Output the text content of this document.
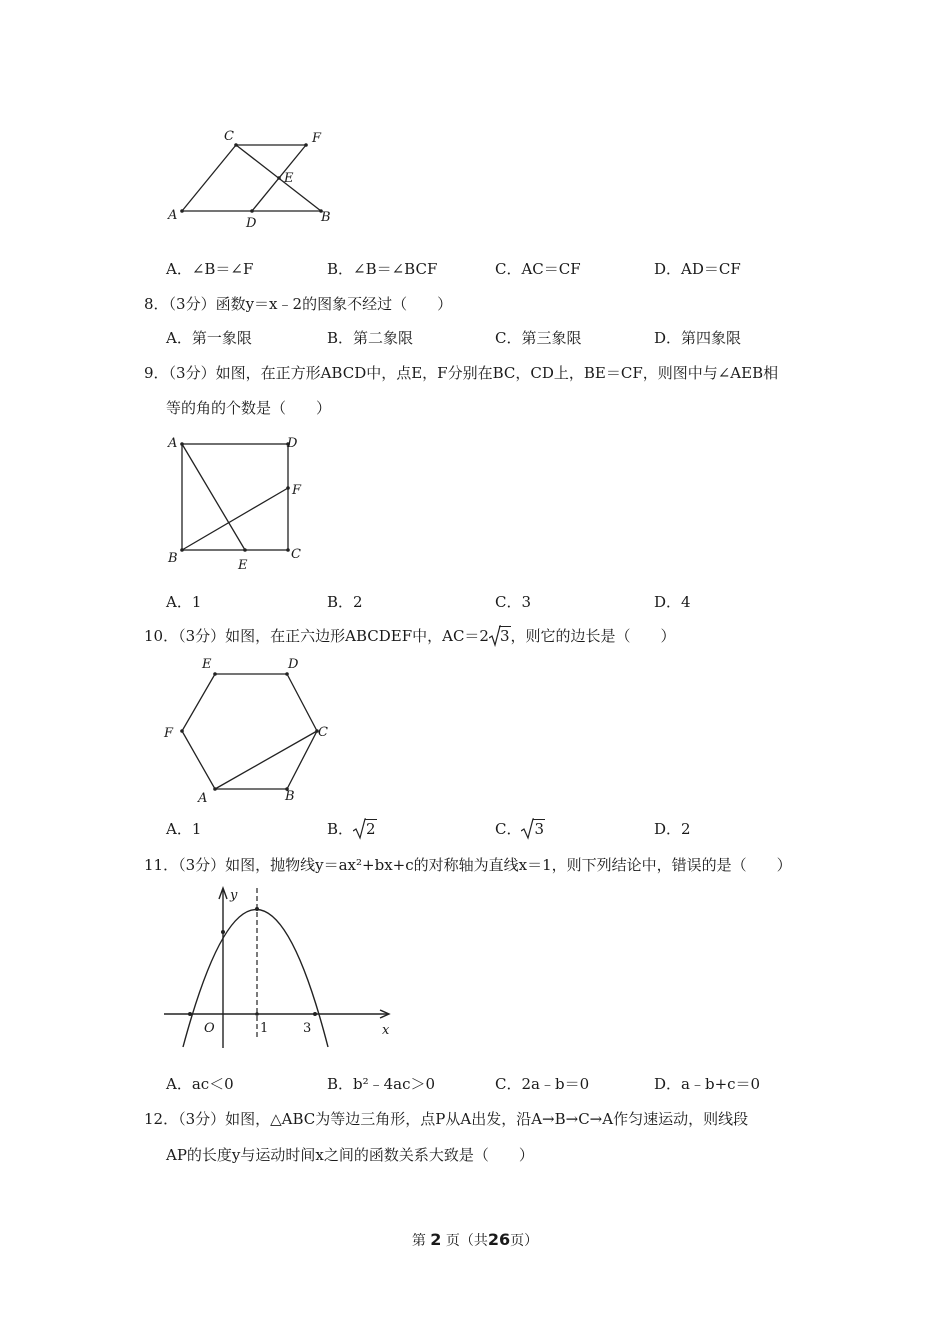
C	F
E
A
D	B
A．∠B＝∠F	B．∠B＝∠BCF	C．AC＝CF	D．AD＝CF
8．（3分）函数y＝x﹣2的图象不经过（　　）
A．第一象限	B．第二象限	C．第三象限	D．第四象限
9．（3分）如图，在正方形ABCD中，点E，F分别在BC，CD上，BE＝CF，则图中与∠AEB相
等的角的个数是（　　）
A	D
F
B	E
C
A．1	B．2	C．3	D．4
10．（3分）如图，在正六边形ABCDEF中，AC＝2 3，则它的边长是（　　）
E	D
F	C
A	B
A．1	B． 2	C． 3	D．2
11．（3分）如图，抛物线y＝ax²+bx+c的对称轴为直线x＝1，则下列结论中，错误的是（　　）
y
O	1	3	x
A．ac＜0	B．b²﹣4ac＞0	C．2a﹣b＝0	D．a﹣b+c＝0
12．（3分）如图，△ABC为等边三角形，点P从A出发，沿A→B→C→A作匀速运动，则线段
AP的长度y与运动时间x之间的函数关系大致是（　　）
第 2 页（共26页）
